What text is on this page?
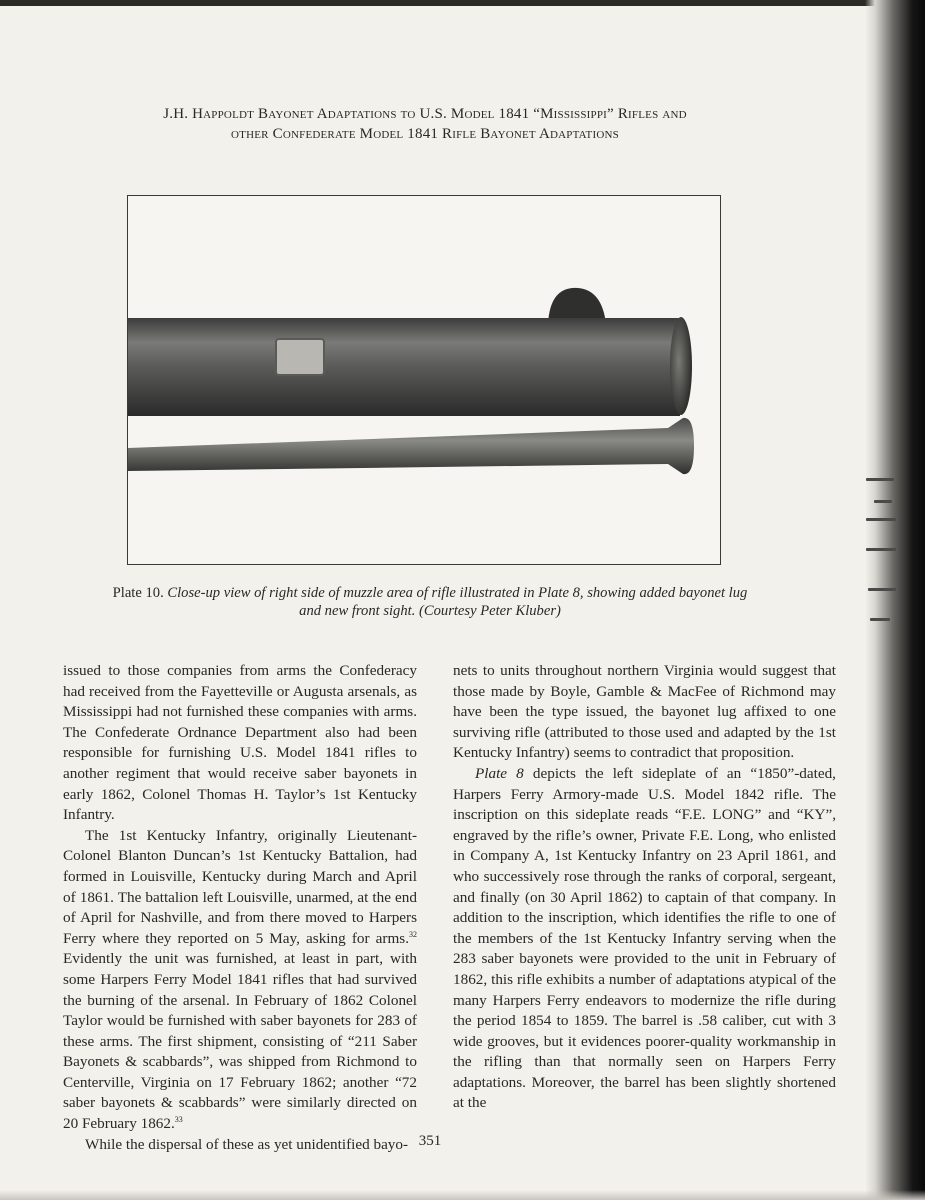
J.H. Happoldt Bayonet Adaptations to U.S. Model 1841 “Mississippi” Rifles and
other Confederate Model 1841 Rifle Bayonet Adaptations
Plate 10. Close-up view of right side of muzzle area of rifle illustrated in Plate 8, showing added bayonet lug and new front sight. (Courtesy Peter Kluber)

issued to those companies from arms the Confederacy had received from the Fayetteville or Augusta arsenals, as Mississippi had not furnished these companies with arms. The Confederate Ordnance Department also had been responsible for furnishing U.S. Model 1841 rifles to another regiment that would receive saber bayonets in early 1862, Colonel Thomas H. Taylor’s 1st Kentucky Infantry.

The 1st Kentucky Infantry, originally Lieutenant-Colonel Blanton Duncan’s 1st Kentucky Battalion, had formed in Louisville, Kentucky during March and April of 1861. The battalion left Louisville, unarmed, at the end of April for Nashville, and from there moved to Harpers Ferry where they reported on 5 May, asking for arms.$^{32}$ Evidently the unit was furnished, at least in part, with some Harpers Ferry Model 1841 rifles that had survived the burning of the arsenal. In February of 1862 Colonel Taylor would be furnished with saber bayonets for 283 of these arms. The first shipment, consisting of “211 Saber Bayonets & scabbards”, was shipped from Richmond to Centerville, Virginia on 17 February 1862; another “72 saber bayonets & scabbards” were similarly directed on 20 February 1862.33

While the dispersal of these as yet unidentified bayo-

nets to units throughout northern Virginia would suggest that those made by Boyle, Gamble & MacFee of Richmond may have been the type issued, the bayonet lug affixed to one surviving rifle (attributed to those used and adapted by the 1st Kentucky Infantry) seems to contradict that proposition.

Plate 8 depicts the left sideplate of an “1850”-dated, Harpers Ferry Armory-made U.S. Model 1842 rifle. The inscription on this sideplate reads “F.E. LONG” and “KY”, engraved by the rifle’s owner, Private F.E. Long, who enlisted in Company A, 1st Kentucky Infantry on 23 April 1861, and who successively rose through the ranks of corporal, sergeant, and finally (on 30 April 1862) to captain of that company. In addition to the inscription, which identifies the rifle to one of the members of the 1st Kentucky Infantry serving when the 283 saber bayonets were provided to the unit in February of 1862, this rifle exhibits a number of adaptations atypical of the many Harpers Ferry endeavors to modernize the rifle during the period 1854 to 1859. The barrel is .58 caliber, cut with 3 wide grooves, but it evidences poorer-quality workmanship in the rifling than that normally seen on Harpers Ferry adaptations. Moreover, the barrel has been slightly shortened at the

351
